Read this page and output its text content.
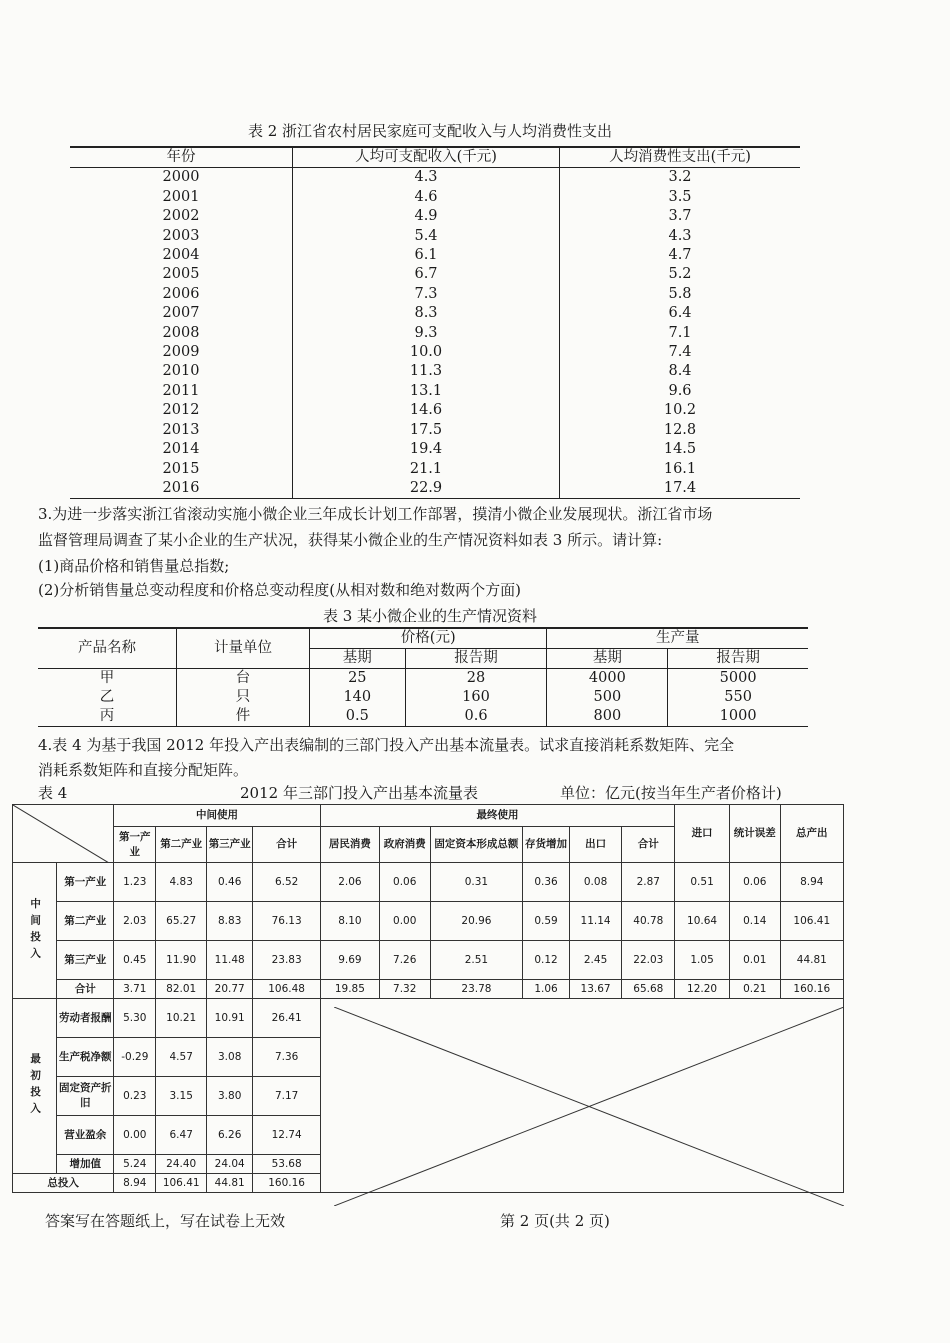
表 2 浙江省农村居民家庭可支配收入与人均消费性支出
年份	人均可支配收入(千元)	人均消费性支出(千元)
2000	4.3	3.2
2001	4.6	3.5
2002	4.9	3.7
2003	5.4	4.3
2004	6.1	4.7
2005	6.7	5.2
2006	7.3	5.8
2007	8.3	6.4
2008	9.3	7.1
2009	10.0	7.4
2010	11.3	8.4
2011	13.1	9.6
2012	14.6	10.2
2013	17.5	12.8
2014	19.4	14.5
2015	21.1	16.1
2016	22.9	17.4
3.为进一步落实浙江省滚动实施小微企业三年成长计划工作部署，摸清小微企业发展现状。浙江省市场
监督管理局调查了某小企业的生产状况，获得某小微企业的生产情况资料如表 3 所示。请计算:
(1)商品价格和销售量总指数;
(2)分析销售量总变动程度和价格总变动程度(从相对数和绝对数两个方面)
表 3 某小微企业的生产情况资料
产品名称	计量单位	价格(元)		生产量	
		基期	报告期	基期	报告期
甲	台	25	28	4000	5000
乙	只	140	160	500	550
丙	件	0.5	0.6	800	1000
4.表 4 为基于我国 2012 年投入产出表编制的三部门投入产出基本流量表。试求直接消耗系数矩阵、完全
消耗系数矩阵和直接分配矩阵。
表 4	2012 年三部门投入产出基本流量表	单位：亿元(按当年生产者价格计)
	中间使用				最终使用						进口	统计误差	总产出
		第一产业	第二产业	第三产业	合计	居民消费	政府消费	固定资本形成总额	存货增加	出口	合计			
中间投入	第一产业	1.23	4.83	0.46	6.52	2.06	0.06	0.31	0.36	0.08	2.87	0.51	0.06	8.94
	第二产业	2.03	65.27	8.83	76.13	8.10	0.00	20.96	0.59	11.14	40.78	10.64	0.14	106.41
	第三产业	0.45	11.90	11.48	23.83	9.69	7.26	2.51	0.12	2.45	22.03	1.05	0.01	44.81
	合计	3.71	82.01	20.77	106.48	19.85	7.32	23.78	1.06	13.67	65.68	12.20	0.21	160.16
最初投入	劳动者报酬	5.30	10.21	10.91	26.41									
	生产税净额	-0.29	4.57	3.08	7.36									
	固定资产折旧	0.23	3.15	3.80	7.17									
	营业盈余	0.00	6.47	6.26	12.74									
	增加值	5.24	24.40	24.04	53.68									
总投入		8.94	106.41	44.81	160.16									
答案写在答题纸上，写在试卷上无效	第 2 页(共 2 页)
